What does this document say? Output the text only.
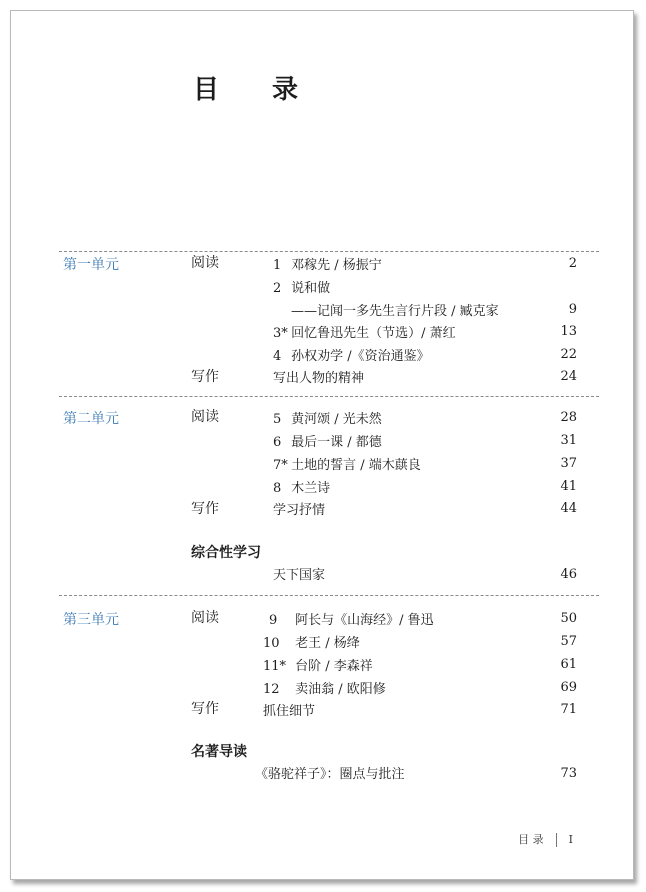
目 录
第一单元	阅读	1 邓稼先 / 杨振宁	2
2 说和做
——记闻一多先生言行片段 / 臧克家	9
3* 回忆鲁迅先生（节选）/ 萧红	13
4 孙权劝学 /《资治通鉴》	22
写作	写出人物的精神	24
第二单元	阅读	5 黄河颂 / 光未然	28
6 最后一课 / 都德	31
7* 土地的誓言 / 端木蕻良	37
8 木兰诗	41
写作	学习抒情	44
综合性学习
天下国家	46
第三单元	阅读	9 阿长与《山海经》/ 鲁迅	50
10 老王 / 杨绛	57
11* 台阶 / 李森祥	61
12 卖油翁 / 欧阳修	69
写作	抓住细节	71
名著导读
《骆驼祥子》：圈点与批注	73
目 录 I
